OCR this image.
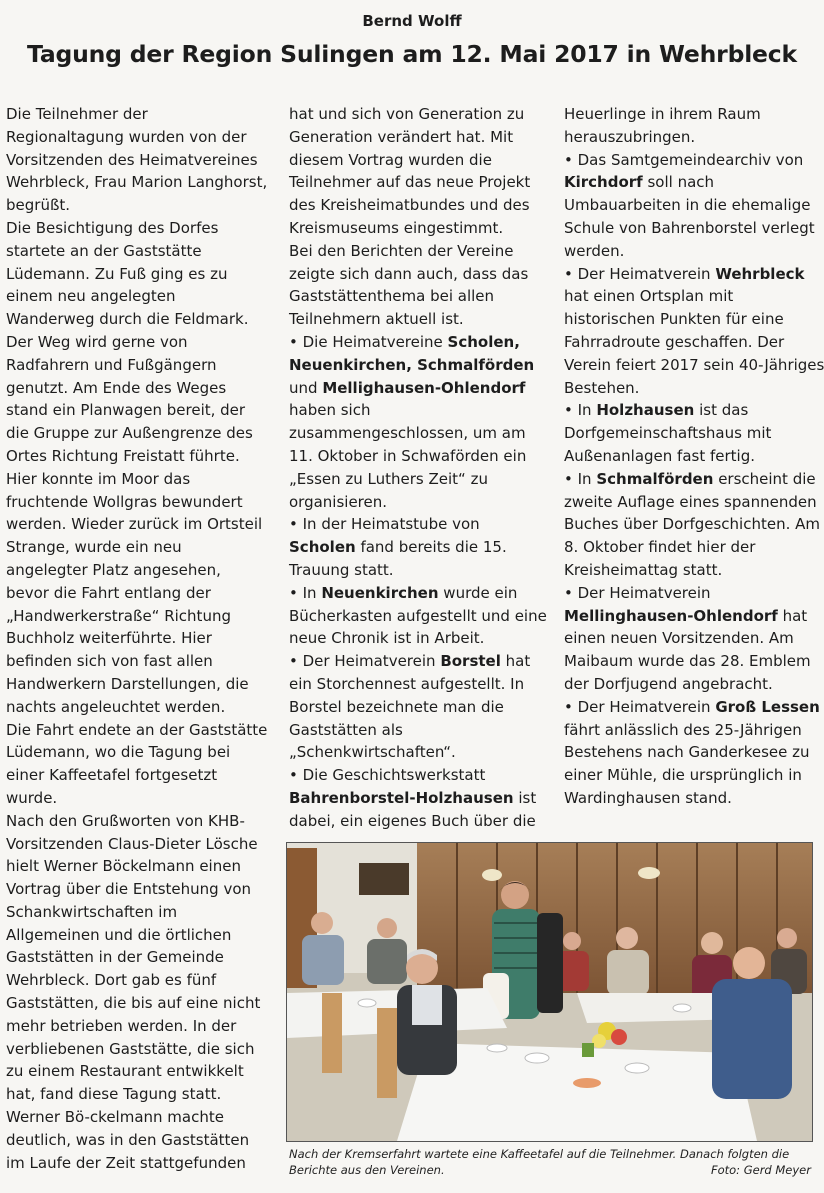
Bernd Wolff
Tagung der Region Sulingen am 12. Mai 2017 in Wehrbleck

Die Teilnehmer der Regionaltagung wurden von der Vorsitzenden des Heimatvereines Wehrbleck, Frau Marion Langhorst, begrüßt.

Die Besichtigung des Dorfes startete an der Gaststätte Lüdemann. Zu Fuß ging es zu einem neu angelegten Wanderweg durch die Feldmark. Der Weg wird gerne von Radfahrern und Fußgängern genutzt. Am Ende des Weges stand ein Planwagen bereit, der die Gruppe zur Außengrenze des Ortes Richtung Freistatt führte. Hier konnte im Moor das fruchtende Wollgras bewundert werden. Wieder zurück im Ortsteil Strange, wurde ein neu angelegter Platz angesehen, bevor die Fahrt entlang der „Handwerkerstraße“ Richtung Buchholz weiterführte. Hier befinden sich von fast allen Handwerkern Darstellungen, die nachts angeleuchtet werden.

Die Fahrt endete an der Gaststätte Lüdemann, wo die Tagung bei einer Kaffeetafel fortgesetzt wurde.

Nach den Grußworten von KHB-Vorsitzenden Claus-Dieter Lösche hielt Werner Böckelmann einen Vortrag über die Entstehung von Schankwirtschaften im Allgemeinen und die örtlichen Gaststätten in der Gemeinde Wehrbleck. Dort gab es fünf Gaststätten, die bis auf eine nicht mehr betrieben werden. In der verbliebenen Gaststätte, die sich zu einem Restaurant entwikkelt hat, fand diese Tagung statt. Werner Bö-ckelmann machte deutlich, was in den Gaststätten im Laufe der Zeit stattgefunden

hat und sich von Generation zu Generation verändert hat. Mit diesem Vortrag wurden die Teilnehmer auf das neue Projekt des Kreisheimatbundes und des Kreismuseums eingestimmt.

Bei den Berichten der Vereine zeigte sich dann auch, dass das Gaststättenthema bei allen Teilnehmern aktuell ist.

• Die Heimatvereine Scholen, Neuenkirchen, Schmalförden und Mellighausen-Ohlendorf haben sich zusammengeschlossen, um am 11. Oktober in Schwaförden ein „Essen zu Luthers Zeit“ zu organisieren.

• In der Heimatstube von Scholen fand bereits die 15. Trauung statt.

• In Neuenkirchen wurde ein Bücherkasten aufgestellt und eine neue Chronik ist in Arbeit.

• Der Heimatverein Borstel hat ein Storchennest aufgestellt. In Borstel bezeichnete man die Gaststätten als „Schenkwirtschaften“.

• Die Geschichtswerkstatt Bahrenborstel-Holzhausen ist dabei, ein eigenes Buch über die

Heuerlinge in ihrem Raum herauszubringen.

• Das Samtgemeindearchiv von Kirchdorf soll nach Umbauarbeiten in die ehemalige Schule von Bahrenborstel verlegt werden.

• Der Heimatverein Wehrbleck hat einen Ortsplan mit historischen Punkten für eine Fahrradroute geschaffen. Der Verein feiert 2017 sein 40-Jähriges Bestehen.

• In Holzhausen ist das Dorfgemeinschaftshaus mit Außenanlagen fast fertig.

• In Schmalförden erscheint die zweite Auflage eines spannenden Buches über Dorfgeschichten. Am 8. Oktober findet hier der Kreisheimattag statt.

• Der Heimatverein Mellinghausen-Ohlendorf hat einen neuen Vorsitzenden. Am Maibaum wurde das 28. Emblem der Dorfjugend angebracht.

• Der Heimatverein Groß Lessen fährt anlässlich des 25-Jährigen Bestehens nach Ganderkesee zu einer Mühle, die ursprünglich in Wardinghausen stand.

Nach der Kremserfahrt wartete eine Kaffeetafel auf die Teilnehmer. Danach folgten die Berichte aus den Vereinen.	Foto: Gerd Meyer
